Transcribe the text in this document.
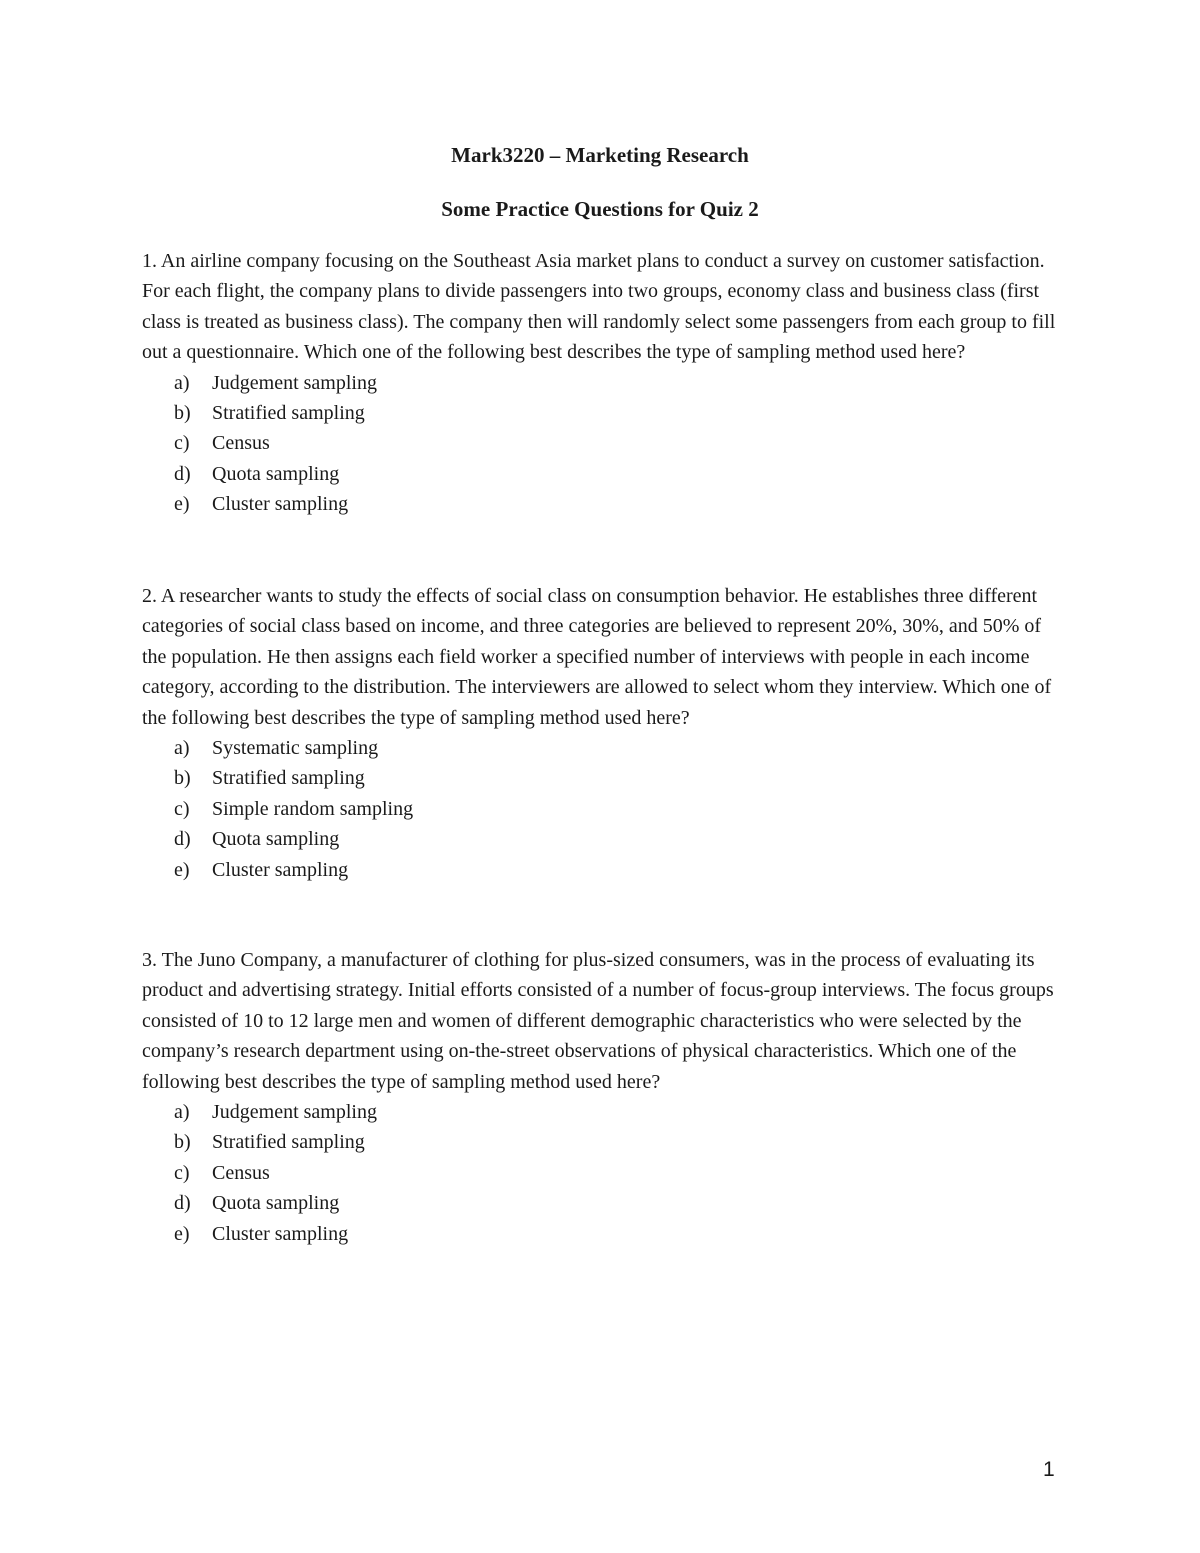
Mark3220 – Marketing Research
Some Practice Questions for Quiz 2

1. An airline company focusing on the Southeast Asia market plans to conduct a survey on customer satisfaction. For each flight, the company plans to divide passengers into two groups, economy class and business class (first class is treated as business class). The company then will randomly select some passengers from each group to fill out a questionnaire. Which one of the following best describes the type of sampling method used here?

a) Judgement sampling
b) Stratified sampling
c) Census
d) Quota sampling
e) Cluster sampling

2. A researcher wants to study the effects of social class on consumption behavior. He establishes three different categories of social class based on income, and three categories are believed to represent 20%, 30%, and 50% of the population. He then assigns each field worker a specified number of interviews with people in each income category, according to the distribution. The interviewers are allowed to select whom they interview. Which one of the following best describes the type of sampling method used here?

a) Systematic sampling
b) Stratified sampling
c) Simple random sampling
d) Quota sampling
e) Cluster sampling

3. The Juno Company, a manufacturer of clothing for plus-sized consumers, was in the process of evaluating its product and advertising strategy. Initial efforts consisted of a number of focus-group interviews. The focus groups consisted of 10 to 12 large men and women of different demographic characteristics who were selected by the company’s research department using on-the-street observations of physical characteristics. Which one of the following best describes the type of sampling method used here?

a) Judgement sampling
b) Stratified sampling
c) Census
d) Quota sampling
e) Cluster sampling
1
